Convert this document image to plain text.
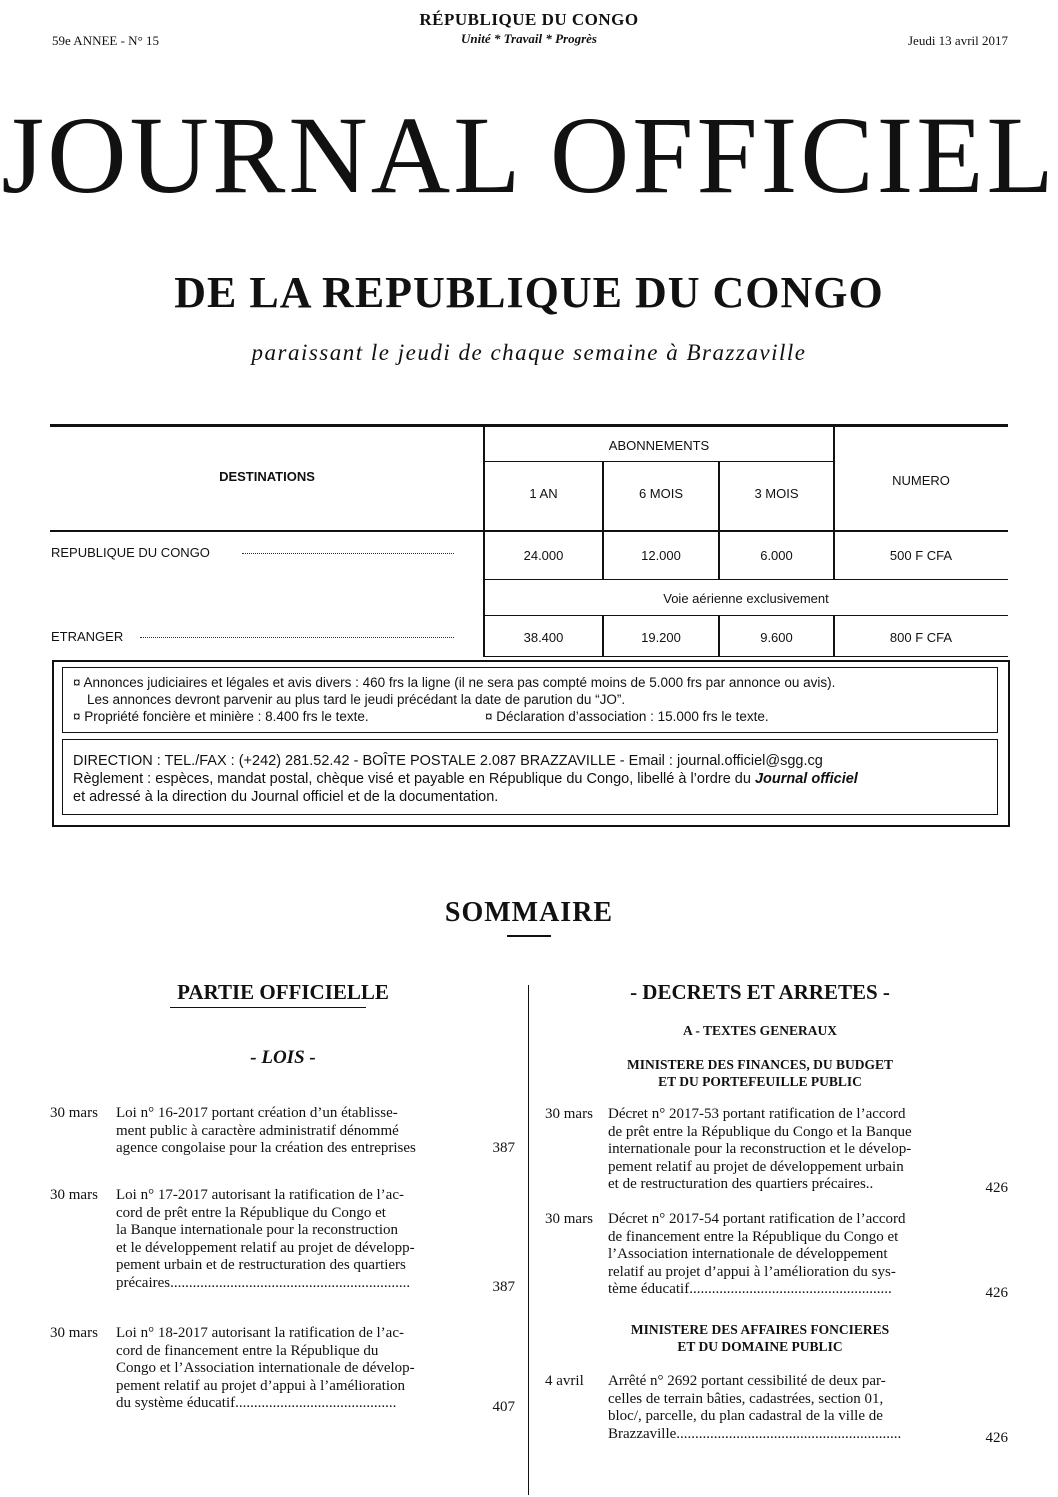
59e ANNEE - N° 15
RÉPUBLIQUE DU CONGO
Unité * Travail * Progrès	Jeudi 13 avril 2017
JOURNAL OFFICIEL
DE LA REPUBLIQUE DU CONGO
paraissant le jeudi de chaque semaine à Brazzaville
DESTINATIONS
ABONNEMENTS
NUMERO
1 AN	6 MOIS	3 MOIS
REPUBLIQUE DU CONGO	24.000	12.000	6.000	500 F CFA
Voie aérienne exclusivement
ETRANGER	38.400	19.200	9.600	800 F CFA
¤ Annonces judiciaires et légales et avis divers : 460 frs la ligne (il ne sera pas compté moins de 5.000 frs par annonce ou avis).
Les annonces devront parvenir au plus tard le jeudi précédant la date de parution du “JO”.
¤ Propriété foncière et minière : 8.400 frs le texte.	¤ Déclaration d’association : 15.000 frs le texte.
DIRECTION : TEL./FAX : (+242) 281.52.42 - BOÎTE POSTALE 2.087 BRAZZAVILLE - Email : journal.officiel@sgg.cg
Règlement : espèces, mandat postal, chèque visé et payable en République du Congo, libellé à l’ordre du Journal officiel
et adressé à la direction du Journal officiel et de la documentation.
SOMMAIRE
PARTIE OFFICIELLE
- LOIS -
30 mars Loi n° 16-2017 portant création d’un établisse-
ment public à caractère administratif dénommé
agence congolaise pour la création des entreprises	387
30 mars Loi n° 17-2017 autorisant la ratification de l’ac-
cord de prêt entre la République du Congo et
la Banque internationale pour la reconstruction
et le développement relatif au projet de développ-
pement urbain et de restructuration des quartiers
précaires................................................................	387
30 mars Loi n° 18-2017 autorisant la ratification de l’ac-
cord de financement entre la République du
Congo et l’Association internationale de dévelop-
pement relatif au projet d’appui à l’amélioration
du système éducatif...........................................	407
- DECRETS ET ARRETES -
A - TEXTES GENERAUX
MINISTERE DES FINANCES, DU BUDGET
ET DU PORTEFEUILLE PUBLIC
30 mars Décret n° 2017-53 portant ratification de l’accord
de prêt entre la République du Congo et la Banque
internationale pour la reconstruction et le dévelop-
pement relatif au projet de développement urbain
et de restructuration des quartiers précaires..	426
30 mars Décret n° 2017-54 portant ratification de l’accord
de financement entre la République du Congo et
l’Association internationale de développement
relatif au projet d’appui à l’amélioration du sys-
tème éducatif......................................................	426
MINISTERE DES AFFAIRES FONCIERES
ET DU DOMAINE PUBLIC
4 avril Arrêté n° 2692 portant cessibilité de deux par-
celles de terrain bâties, cadastrées, section 01,
bloc/, parcelle, du plan cadastral de la ville de
Brazzaville............................................................	426
